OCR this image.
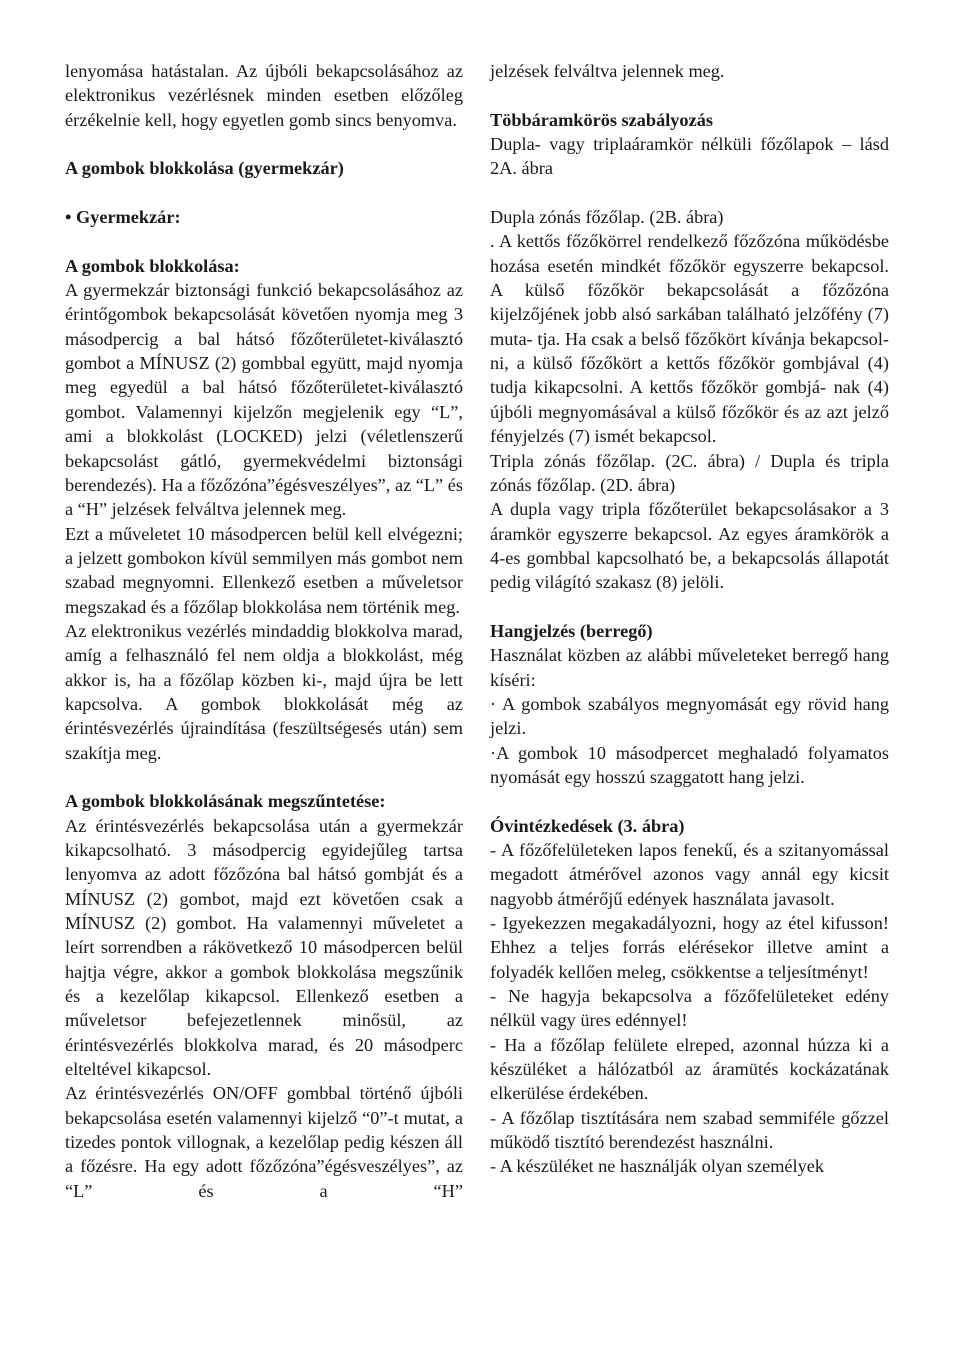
lenyomása hatástalan. Az újbóli bekapcsolásához az elektronikus vezérlésnek minden esetben előzőleg érzékelnie kell, hogy egyetlen gomb sincs benyomva.

A gombok blokkolása (gyermekzár)

• Gyermekzár:

A gombok blokkolása:

A gyermekzár biztonsági funkció bekapcsolásához az érintőgombok bekapcsolását követően nyomja meg 3 másodpercig a bal hátsó főzőterületet-kiválasztó gombot a MÍNUSZ (2) gombbal együtt, majd nyomja meg egyedül a bal hátsó főzőterületet-kiválasztó gombot. Valamennyi kijelzőn megjelenik egy “L”, ami a blokkolást (LOCKED) jelzi (véletlenszerű bekapcsolást gátló, gyermekvédelmi biztonsági berendezés). Ha a főzőzóna”égésveszélyes”, az “L” és a “H” jelzések felváltva jelennek meg.

Ezt a műveletet 10 másodpercen belül kell elvégezni; a jelzett gombokon kívül semmilyen más gombot nem szabad megnyomni. Ellenkező esetben a műveletsor megszakad és a főzőlap blokkolása nem történik meg.

Az elektronikus vezérlés mindaddig blokkolva marad, amíg a felhasználó fel nem oldja a blokkolást, még akkor is, ha a főzőlap közben ki-, majd újra be lett kapcsolva. A gombok blokkolását még az érintésvezérlés újraindítása (feszültségesés után) sem szakítja meg.

A gombok blokkolásának megszűntetése:

Az érintésvezérlés bekapcsolása után a gyermekzár kikapcsolható. 3 másodpercig egyidejűleg tartsa lenyomva az adott főzőzóna bal hátsó gombját és a MÍNUSZ (2) gombot, majd ezt követően csak a MÍNUSZ (2) gombot. Ha valamennyi műveletet a leírt sorrendben a rákövetkező 10 másodpercen belül hajtja végre, akkor a gombok blokkolása megszűnik és a kezelőlap kikapcsol. Ellenkező esetben a műveletsor befejezetlennek minősül, az érintésvezérlés blokkolva marad, és 20 másodperc elteltével kikapcsol.

Az érintésvezérlés ON/OFF gombbal történő újbóli bekapcsolása esetén valamennyi kijelző “0”-t mutat, a tizedes pontok villognak, a kezelőlap pedig készen áll a főzésre. Ha egy adott főzőzóna”égésveszélyes”, az “L” és a “H”

jelzések felváltva jelennek meg.

Többáramkörös szabályozás

Dupla- vagy triplaáramkör nélküli főzőlapok – lásd 2A. ábra

Dupla zónás főzőlap. (2B. ábra)

. A kettős főzőkörrel rendelkező főzőzóna működésbe hozása esetén mindkét főzőkör egyszerre bekapcsol. A külső főzőkör bekapcsolását a főzőzóna kijelzőjének jobb alsó sarkában található jelzőfény (7) muta- tja. Ha csak a belső főzőkört kívánja bekapcsol- ni, a külső főzőkört a kettős főzőkör gombjával (4) tudja kikapcsolni. A kettős főzőkör gombjá- nak (4) újbóli megnyomásával a külső főzőkör és az azt jelző fényjelzés (7) ismét bekapcsol.

Tripla zónás főzőlap. (2C. ábra) / Dupla és tripla zónás főzőlap. (2D. ábra)

A dupla vagy tripla főzőterület bekapcsolásakor a 3 áramkör egyszerre bekapcsol. Az egyes áramkörök a 4-es gombbal kapcsolható be, a bekapcsolás állapotát pedig világító szakasz (8) jelöli.

Hangjelzés (berregő)

Használat közben az alábbi műveleteket berregő hang kíséri:

· A gombok szabályos megnyomását egy rövid hang jelzi.

·A gombok 10 másodpercet meghaladó folyamatos nyomását egy hosszú szaggatott hang jelzi.

Óvintézkedések (3. ábra)

- A főzőfelületeken lapos fenekű, és a szitanyomással megadott átmérővel azonos vagy annál egy kicsit nagyobb átmérőjű edények használata javasolt.

- Igyekezzen megakadályozni, hogy az étel kifusson! Ehhez a teljes forrás elérésekor illetve amint a folyadék kellően meleg, csökkentse a teljesítményt!

- Ne hagyja bekapcsolva a főzőfelületeket edény nélkül vagy üres edénnyel!

- Ha a főzőlap felülete elreped, azonnal húzza ki a készüléket a hálózatból az áramütés kockázatának elkerülése érdekében.

- A főzőlap tisztítására nem szabad semmiféle gőzzel működő tisztító berendezést használni.

- A készüléket ne használják olyan személyek
